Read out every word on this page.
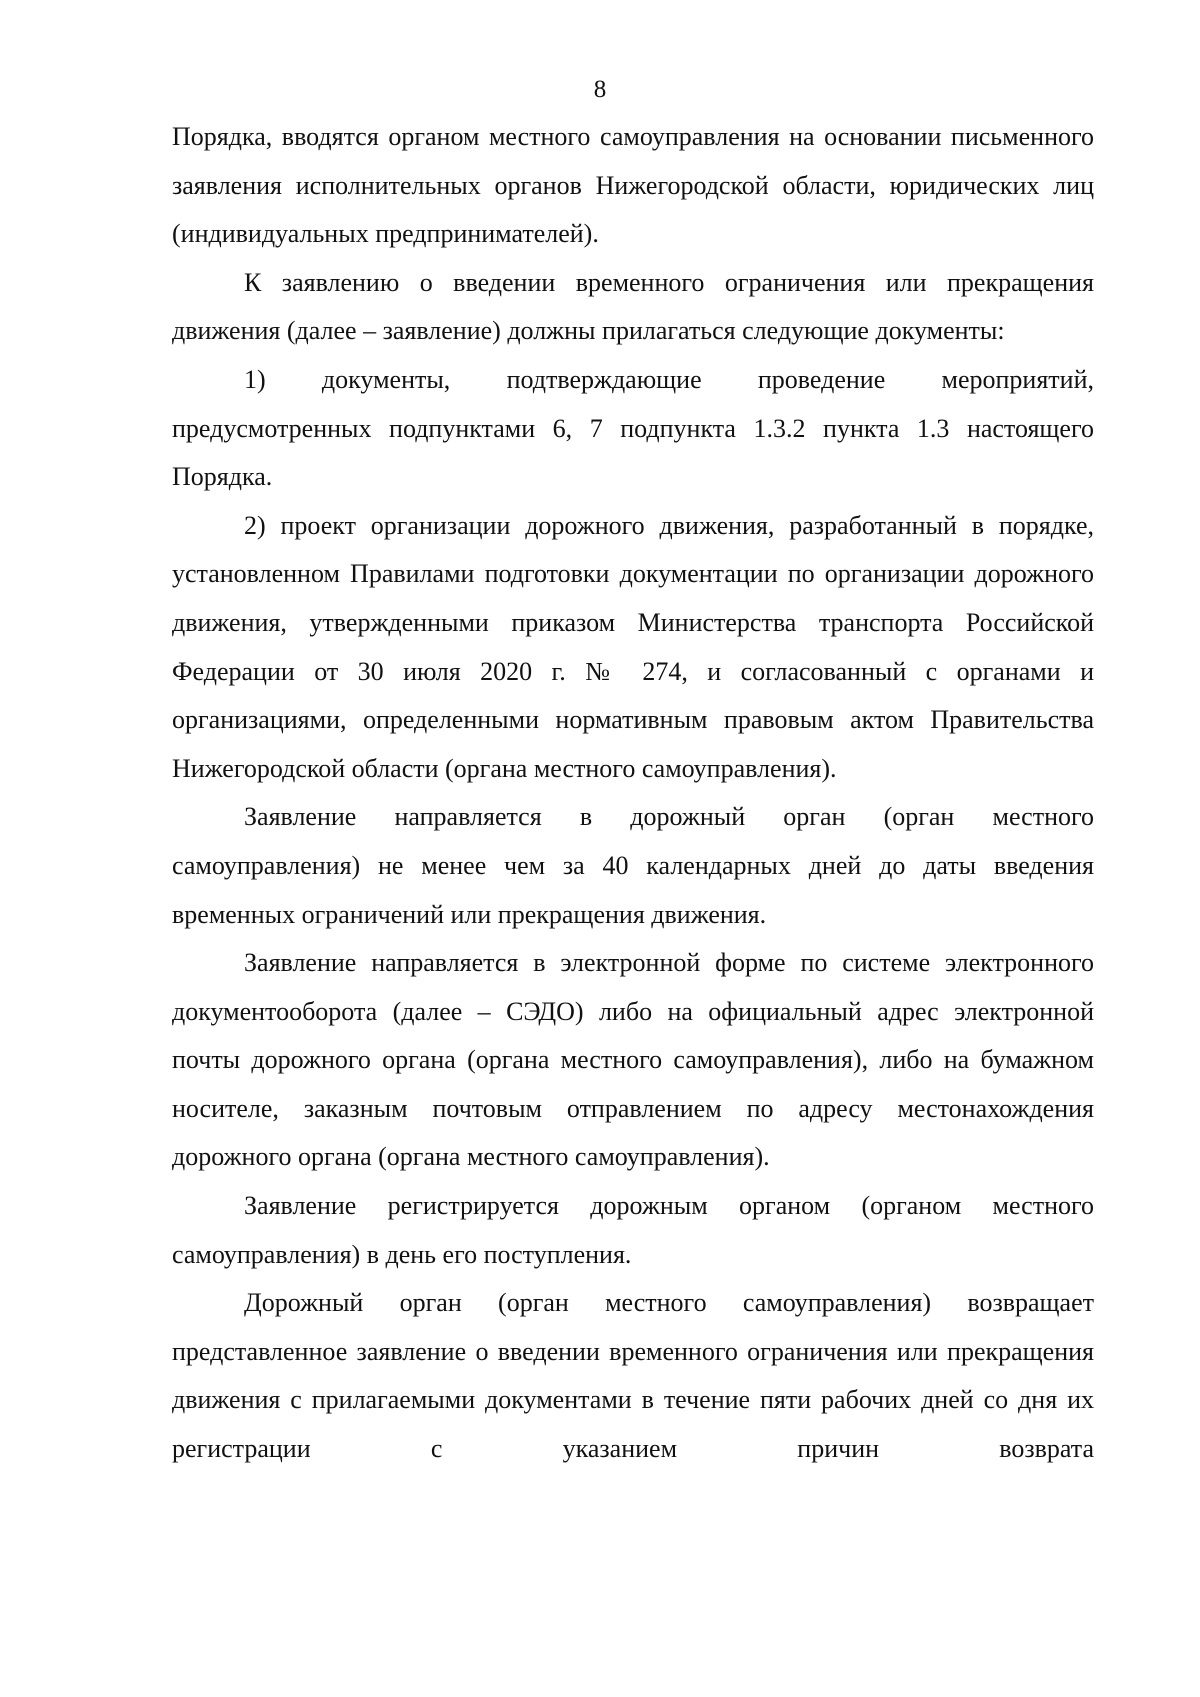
8

Порядка, вводятся органом местного самоуправления на основании письменного заявления исполнительных органов Нижегородской области, юридических лиц (индивидуальных предпринимателей).

К заявлению о введении временного ограничения или прекращения движения (далее – заявление) должны прилагаться следующие документы:

1) документы, подтверждающие проведение мероприятий, предусмотренных подпунктами 6, 7 подпункта 1.3.2 пункта 1.3 настоящего Порядка.

2) проект организации дорожного движения, разработанный в порядке, установленном Правилами подготовки документации по организации дорожного движения, утвержденными приказом Министерства транспорта Российской Федерации от 30 июля 2020 г. № 274, и согласованный с органами и организациями, определенными нормативным правовым актом Правительства Нижегородской области (органа местного самоуправления).

Заявление направляется в дорожный орган (орган местного самоуправления) не менее чем за 40 календарных дней до даты введения временных ограничений или прекращения движения.

Заявление направляется в электронной форме по системе электронного документооборота (далее – СЭДО) либо на официальный адрес электронной почты дорожного органа (органа местного самоуправления), либо на бумажном носителе, заказным почтовым отправлением по адресу местонахождения дорожного органа (органа местного самоуправления).

Заявление регистрируется дорожным органом (органом местного самоуправления) в день его поступления.

Дорожный орган (орган местного самоуправления) возвращает представленное заявление о введении временного ограничения или прекращения движения с прилагаемыми документами в течение пяти рабочих дней со дня их регистрации с указанием причин возврата
